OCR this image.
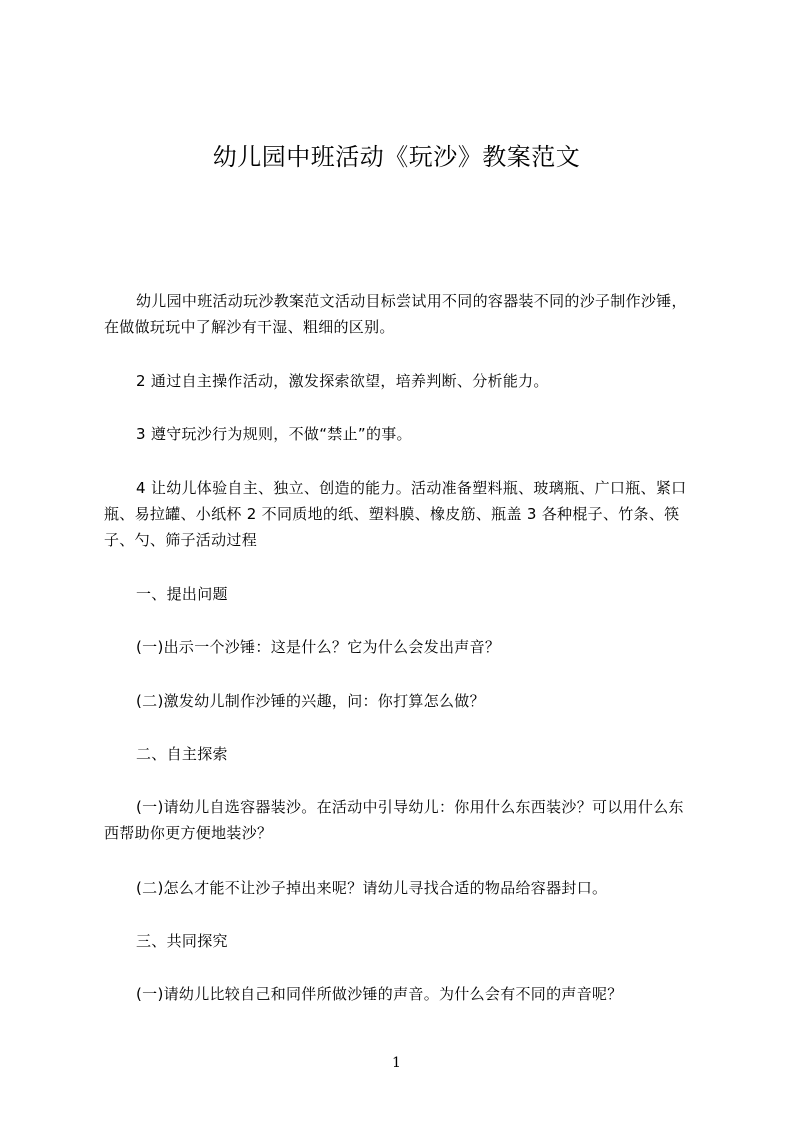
幼儿园中班活动《玩沙》教案范文

幼儿园中班活动玩沙教案范文活动目标尝试用不同的容器装不同的沙子制作沙锤，在做做玩玩中了解沙有干湿、粗细的区别。

2 通过自主操作活动，激发探索欲望，培养判断、分析能力。

3 遵守玩沙行为规则，不做“禁止”的事。

4 让幼儿体验自主、独立、创造的能力。活动准备塑料瓶、玻璃瓶、广口瓶、紧口瓶、易拉罐、小纸杯 2 不同质地的纸、塑料膜、橡皮筋、瓶盖 3 各种棍子、竹条、筷子、勺、筛子活动过程

一、提出问题

(一)出示一个沙锤：这是什么？它为什么会发出声音？

(二)激发幼儿制作沙锤的兴趣，问：你打算怎么做？

二、自主探索

(一)请幼儿自选容器装沙。在活动中引导幼儿：你用什么东西装沙？可以用什么东西帮助你更方便地装沙？

(二)怎么才能不让沙子掉出来呢？请幼儿寻找合适的物品给容器封口。

三、共同探究

(一)请幼儿比较自己和同伴所做沙锤的声音。为什么会有不同的声音呢？

1
